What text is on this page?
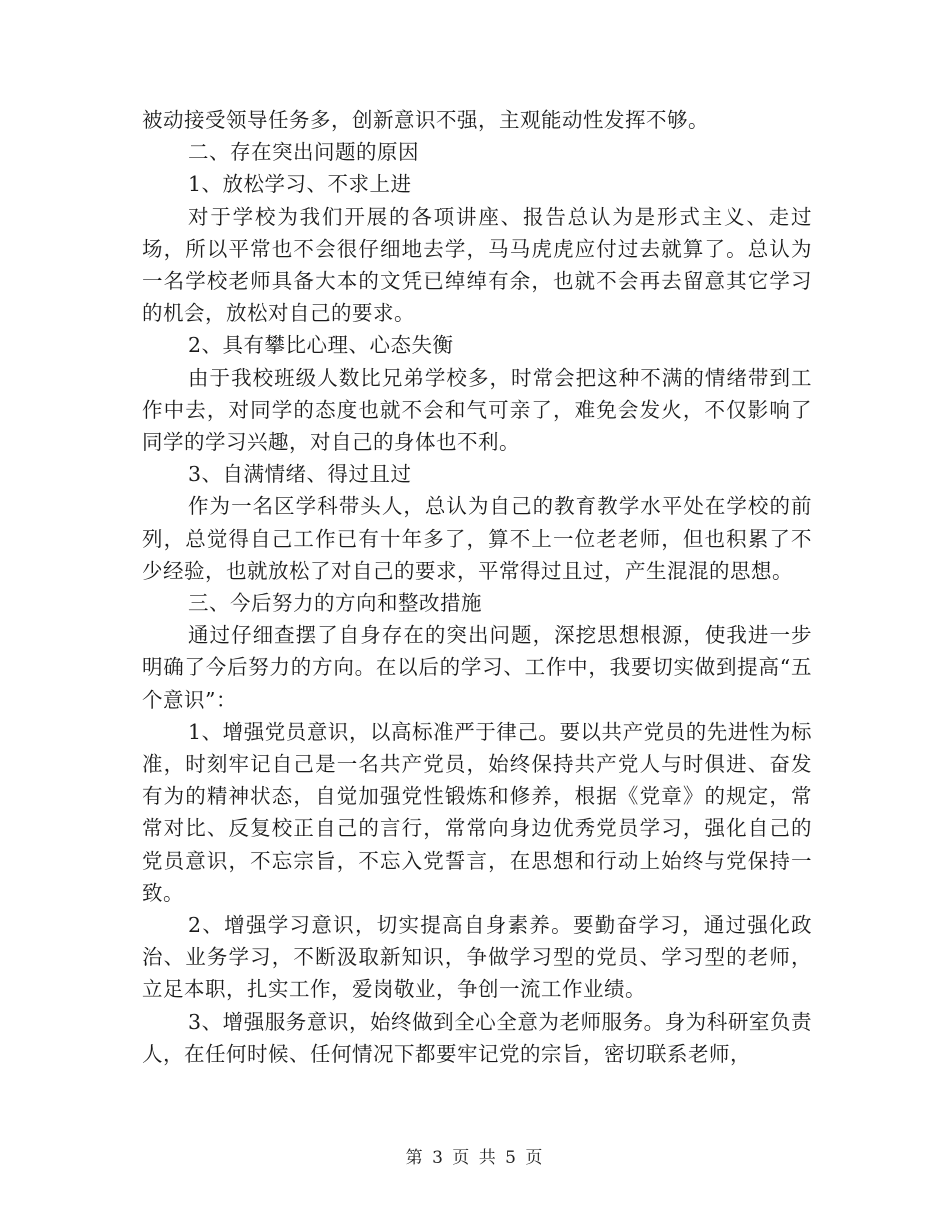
被动接受领导任务多，创新意识不强，主观能动性发挥不够。

二、存在突出问题的原因

1、放松学习、不求上进

对于学校为我们开展的各项讲座、报告总认为是形式主义、走过场，所以平常也不会很仔细地去学，马马虎虎应付过去就算了。总认为一名学校老师具备大本的文凭已绰绰有余，也就不会再去留意其它学习的机会，放松对自己的要求。

2、具有攀比心理、心态失衡

由于我校班级人数比兄弟学校多，时常会把这种不满的情绪带到工作中去，对同学的态度也就不会和气可亲了，难免会发火，不仅影响了同学的学习兴趣，对自己的身体也不利。

3、自满情绪、得过且过

作为一名区学科带头人，总认为自己的教育教学水平处在学校的前列，总觉得自己工作已有十年多了，算不上一位老老师，但也积累了不少经验，也就放松了对自己的要求，平常得过且过，产生混混的思想。

三、今后努力的方向和整改措施

通过仔细查摆了自身存在的突出问题，深挖思想根源，使我进一步明确了今后努力的方向。在以后的学习、工作中，我要切实做到提高“五个意识”：

1、增强党员意识，以高标准严于律己。要以共产党员的先进性为标准，时刻牢记自己是一名共产党员，始终保持共产党人与时俱进、奋发有为的精神状态，自觉加强党性锻炼和修养，根据《党章》的规定，常常对比、反复校正自己的言行，常常向身边优秀党员学习，强化自己的党员意识，不忘宗旨，不忘入党誓言，在思想和行动上始终与党保持一致。

2、增强学习意识，切实提高自身素养。要勤奋学习，通过强化政治、业务学习，不断汲取新知识，争做学习型的党员、学习型的老师，立足本职，扎实工作，爱岗敬业，争创一流工作业绩。

3、增强服务意识，始终做到全心全意为老师服务。身为科研室负责人，在任何时候、任何情况下都要牢记党的宗旨，密切联系老师，

第 3 页 共 5 页
